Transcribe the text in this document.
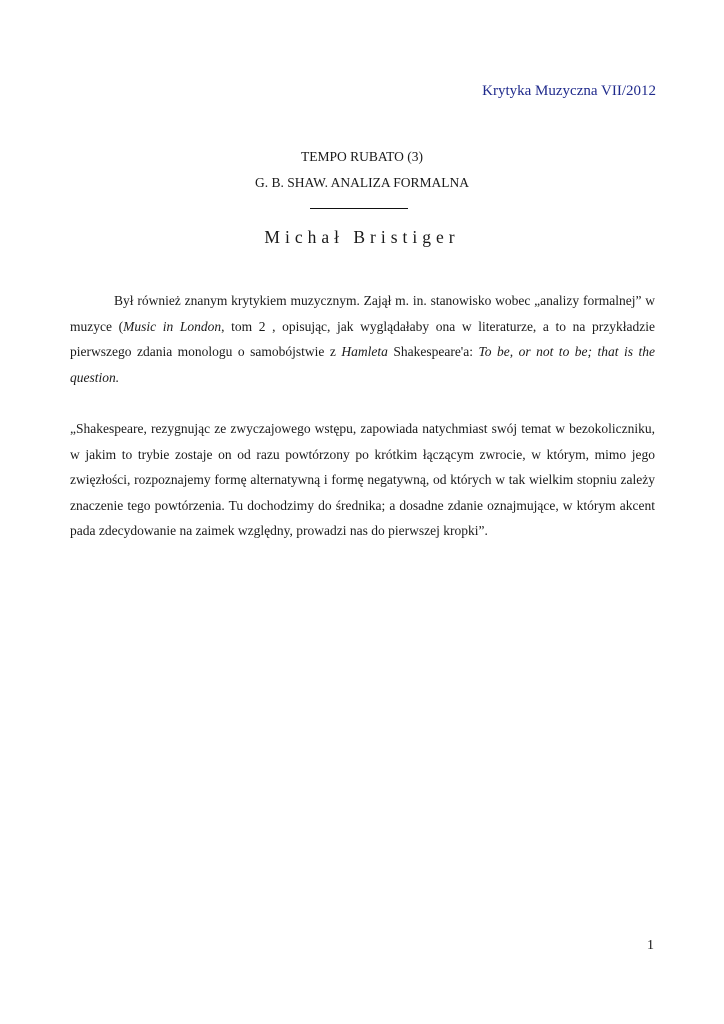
Krytyka Muzyczna VII/2012
TEMPO RUBATO (3)
G. B. SHAW. ANALIZA FORMALNA
Michał Bristiger

Był również znanym krytykiem muzycznym. Zajął m. in. stanowisko wobec „analizy formalnej” w muzyce (Music in London, tom 2 , opisując, jak wyglądałaby ona w literaturze, a to na przykładzie pierwszego zdania monologu o samobójstwie z Hamleta Shakespeare'a: To be, or not to be; that is the question.

„Shakespeare, rezygnując ze zwyczajowego wstępu, zapowiada natychmiast swój temat w bezokoliczniku, w jakim to trybie zostaje on od razu powtórzony po krótkim łączącym zwrocie, w którym, mimo jego zwięzłości, rozpoznajemy formę alternatywną i formę negatywną, od których w tak wielkim stopniu zależy znaczenie tego powtórzenia. Tu dochodzimy do średnika; a dosadne zdanie oznajmujące, w którym akcent pada zdecydowanie na zaimek względny, prowadzi nas do pierwszej kropki”.

1
